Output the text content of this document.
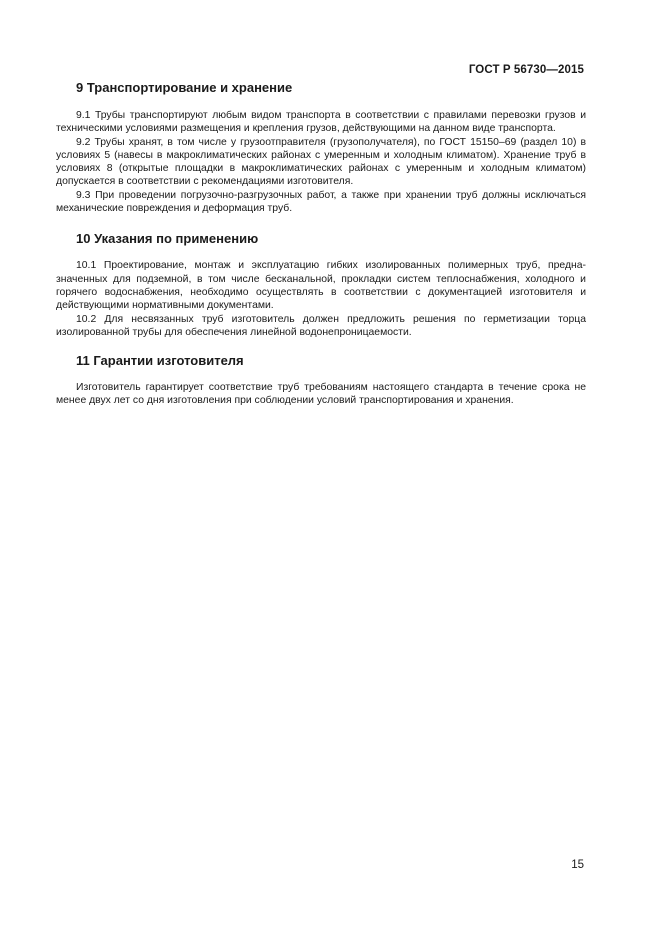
ГОСТ Р 56730—2015
9 Транспортирование и хранение

9.1 Трубы транспортируют любым видом транспорта в соответствии с правилами перевозки грузов и техническими условиями размещения и крепления грузов, действующими на данном виде транспорта.

9.2 Трубы хранят, в том числе у грузоотправителя (грузополучателя), по ГОСТ 15150–69 (раздел 10) в условиях 5 (навесы в макроклиматических районах с умеренным и холодным климатом). Хранение труб в условиях 8 (открытые площадки в макроклиматических районах с умеренным и холодным климатом) допускается в соответствии с рекомендациями изготовителя.

9.3 При проведении погрузочно-разгрузочных работ, а также при хранении труб должны исключаться механические повреждения и деформация труб.

10 Указания по применению

10.1 Проектирование, монтаж и эксплуатацию гибких изолированных полимерных труб, предназначенных для подземной, в том числе бесканальной, прокладки систем теплоснабжения, холодного и горячего водоснабжения, необходимо осуществлять в соответствии с документацией изготовителя и действующими нормативными документами.

10.2 Для несвязанных труб изготовитель должен предложить решения по герметизации торца изолированной трубы для обеспечения линейной водонепроницаемости.

11 Гарантии изготовителя

Изготовитель гарантирует соответствие труб требованиям настоящего стандарта в течение срока не менее двух лет со дня изготовления при соблюдении условий транспортирования и хранения.

15
